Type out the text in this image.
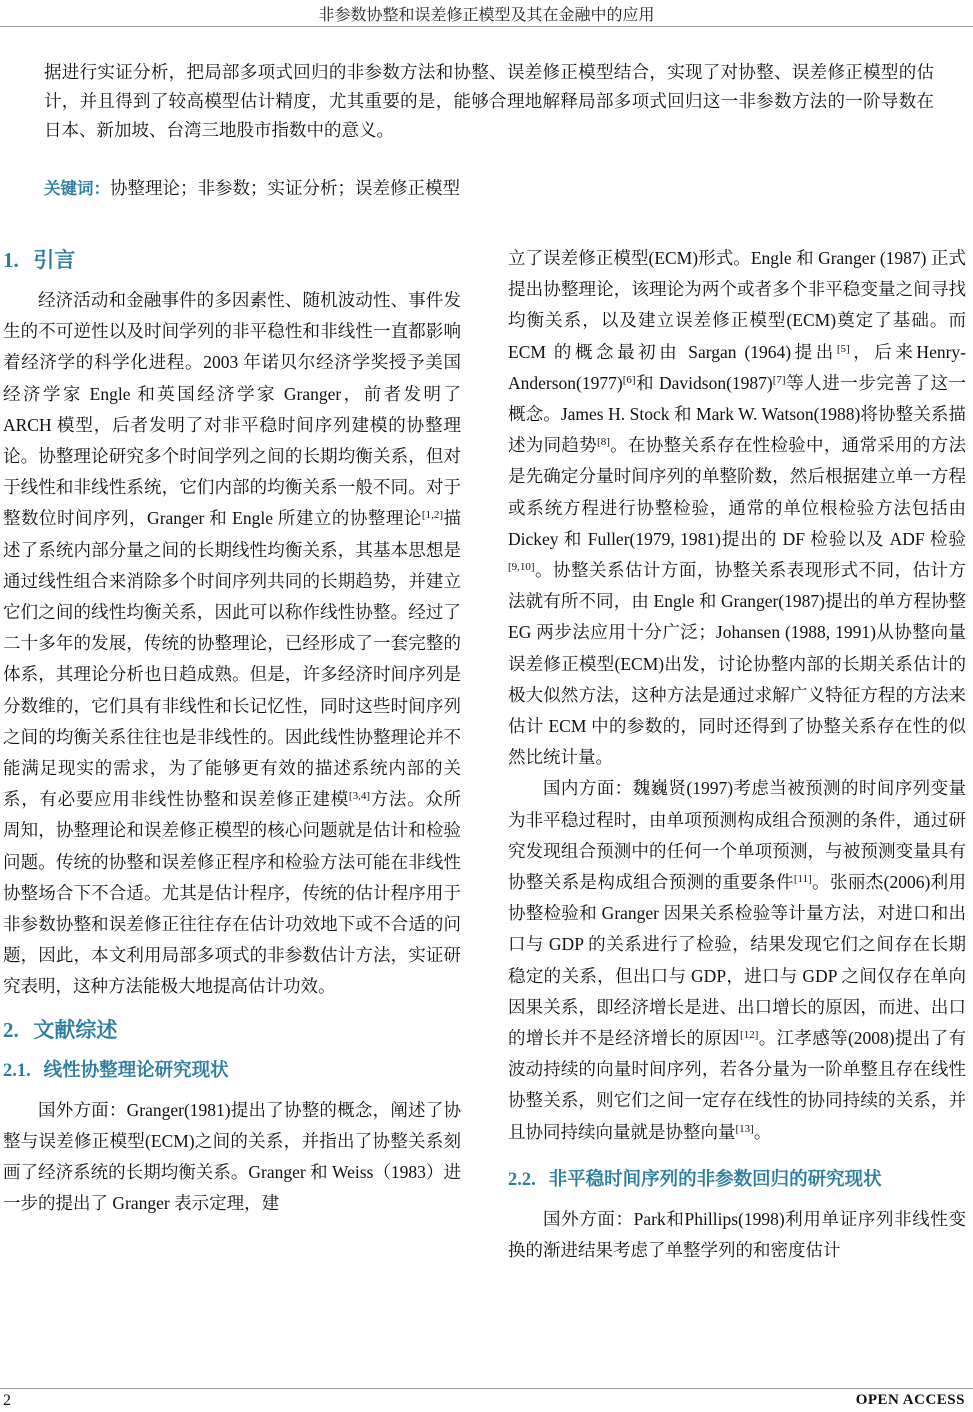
非参数协整和误差修正模型及其在金融中的应用

据进行实证分析，把局部多项式回归的非参数方法和协整、误差修正模型结合，实现了对协整、误差修正模型的估计，并且得到了较高模型估计精度，尤其重要的是，能够合理地解释局部多项式回归这一非参数方法的一阶导数在日本、新加坡、台湾三地股市指数中的意义。

关键词：协整理论；非参数；实证分析；误差修正模型
1. 引言

经济活动和金融事件的多因素性、随机波动性、事件发生的不可逆性以及时间学列的非平稳性和非线性一直都影响着经济学的科学化进程。2003 年诺贝尔经济学奖授予美国经济学家 Engle 和英国经济学家 Granger，前者发明了 ARCH 模型，后者发明了对非平稳时间序列建模的协整理论。协整理论研究多个时间学列之间的长期均衡关系，但对于线性和非线性系统，它们内部的均衡关系一般不同。对于整数位时间序列，Granger 和 Engle 所建立的协整理论[1,2]描述了系统内部分量之间的长期线性均衡关系，其基本思想是通过线性组合来消除多个时间序列共同的长期趋势，并建立它们之间的线性均衡关系，因此可以称作线性协整。经过了二十多年的发展，传统的协整理论，已经形成了一套完整的体系，其理论分析也日趋成熟。但是，许多经济时间序列是分数维的，它们具有非线性和长记忆性，同时这些时间序列之间的均衡关系往往也是非线性的。因此线性协整理论并不能满足现实的需求，为了能够更有效的描述系统内部的关系，有必要应用非线性协整和误差修正建模[3,4]方法。众所周知，协整理论和误差修正模型的核心问题就是估计和检验问题。传统的协整和误差修正程序和检验方法可能在非线性协整场合下不合适。尤其是估计程序，传统的估计程序用于非参数协整和误差修正往往存在估计功效地下或不合适的问题，因此，本文利用局部多项式的非参数估计方法，实证研究表明，这种方法能极大地提高估计功效。

2. 文献综述
2.1. 线性协整理论研究现状

国外方面：Granger(1981)提出了协整的概念，阐述了协整与误差修正模型(ECM)之间的关系，并指出了协整关系刻画了经济系统的长期均衡关系。Granger 和 Weiss（1983）进一步的提出了 Granger 表示定理，建

立了误差修正模型(ECM)形式。Engle 和 Granger (1987) 正式提出协整理论，该理论为两个或者多个非平稳变量之间寻找均衡关系，以及建立误差修正模型(ECM)奠定了基础。而 ECM 的概念最初由 Sargan (1964)提出[5]，后来Henry-Anderson(1977)[6]和 Davidson(1987)[7]等人进一步完善了这一概念。James H. Stock 和 Mark W. Watson(1988)将协整关系描述为同趋势[8]。在协整关系存在性检验中，通常采用的方法是先确定分量时间序列的单整阶数，然后根据建立单一方程或系统方程进行协整检验，通常的单位根检验方法包括由 Dickey 和 Fuller(1979, 1981)提出的 DF 检验以及 ADF 检验[9,10]。协整关系估计方面，协整关系表现形式不同，估计方法就有所不同，由 Engle 和 Granger(1987)提出的单方程协整 EG 两步法应用十分广泛；Johansen (1988, 1991)从协整向量误差修正模型(ECM)出发，讨论协整内部的长期关系估计的极大似然方法，这种方法是通过求解广义特征方程的方法来估计 ECM 中的参数的，同时还得到了协整关系存在性的似然比统计量。

国内方面：魏巍贤(1997)考虑当被预测的时间序列变量为非平稳过程时，由单项预测构成组合预测的条件，通过研究发现组合预测中的任何一个单项预测，与被预测变量具有协整关系是构成组合预测的重要条件[11]。张丽杰(2006)利用协整检验和 Granger 因果关系检验等计量方法，对进口和出口与 GDP 的关系进行了检验，结果发现它们之间存在长期稳定的关系，但出口与 GDP，进口与 GDP 之间仅存在单向因果关系，即经济增长是进、出口增长的原因，而进、出口的增长并不是经济增长的原因[12]。江孝感等(2008)提出了有波动持续的向量时间序列，若各分量为一阶单整且存在线性协整关系，则它们之间一定存在线性的协同持续的关系，并且协同持续向量就是协整向量[13]。

2.2. 非平稳时间序列的非参数回归的研究现状

国外方面：Park和Phillips(1998)利用单证序列非线性变换的渐进结果考虑了单整学列的和密度估计

2	OPEN ACCESS
